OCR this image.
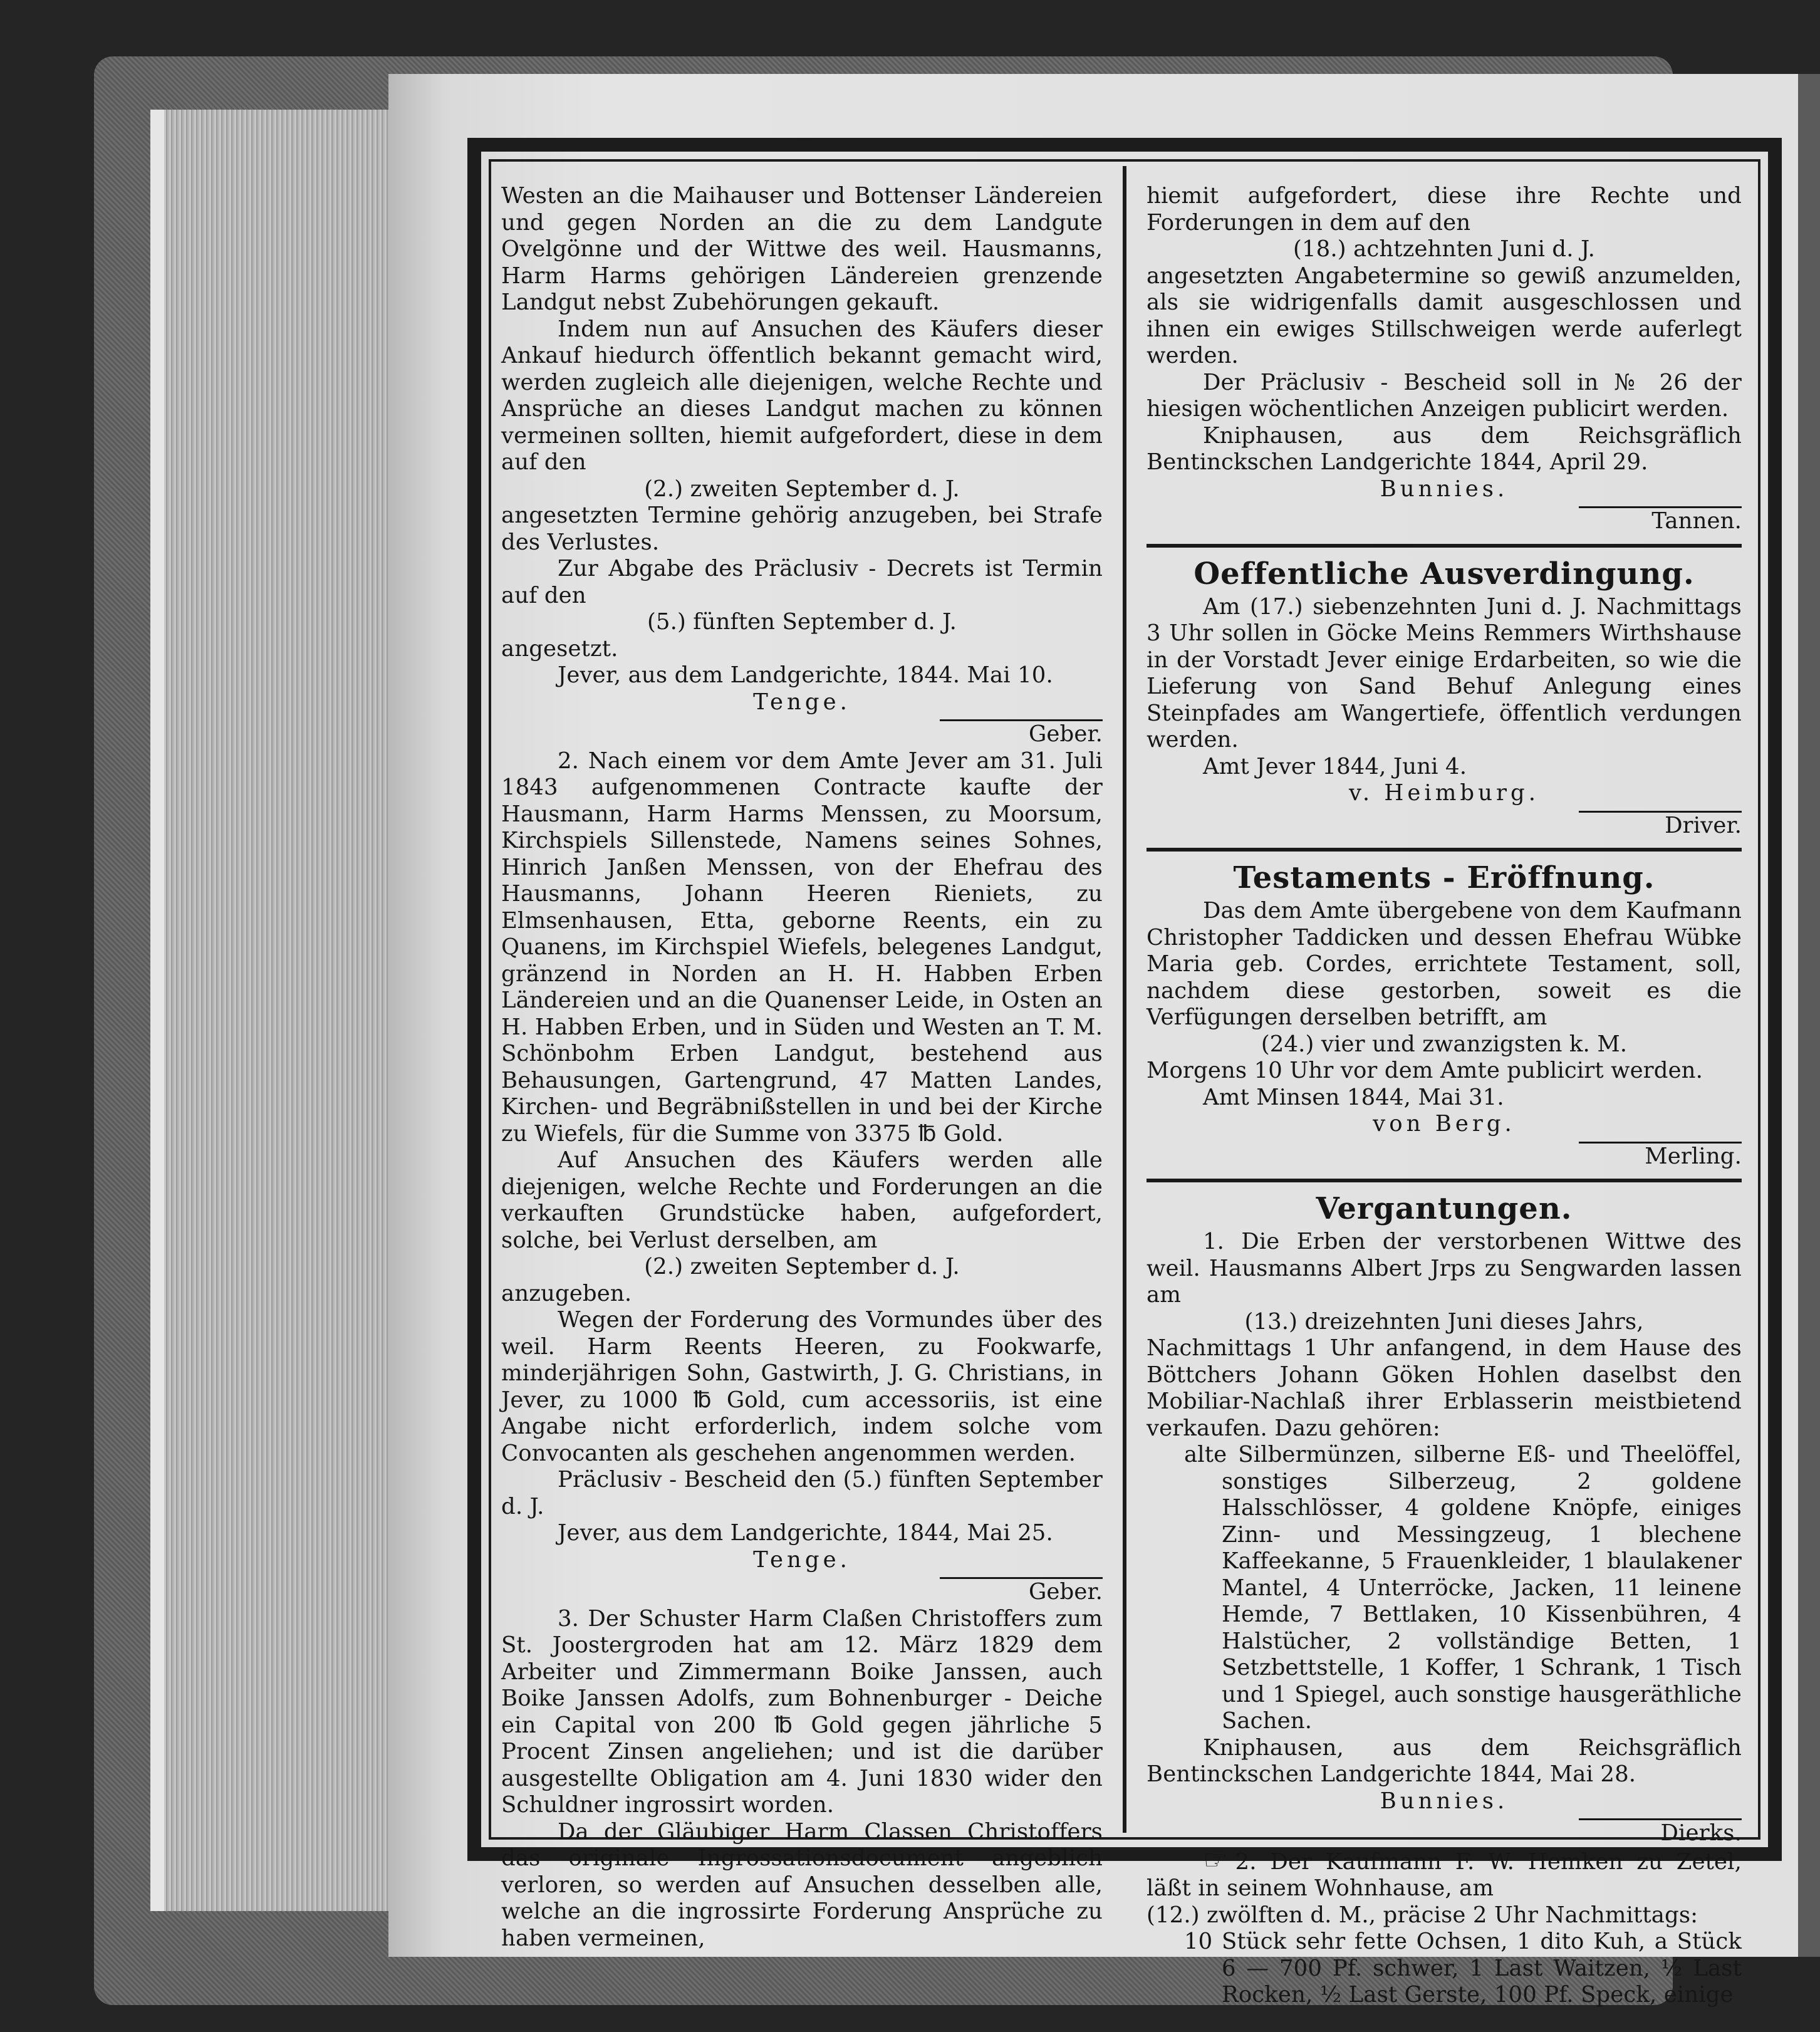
Westen an die Maihauser und Bottenser Ländereien und gegen Norden an die zu dem Landgute Ovelgönne und der Wittwe des weil. Hausmanns, Harm Harms gehörigen Ländereien grenzende Landgut nebst Zubehörungen gekauft.

Indem nun auf Ansuchen des Käufers dieser Ankauf hiedurch öffentlich bekannt gemacht wird, werden zugleich alle diejenigen, welche Rechte und Ansprüche an dieses Landgut machen zu können vermeinen sollten, hiemit aufgefordert, diese in dem auf den

(2.) zweiten September d. J.

angesetzten Termine gehörig anzugeben, bei Strafe des Verlustes.

Zur Abgabe des Präclusiv - Decrets ist Termin auf den

(5.) fünften September d. J.

angesetzt.

Jever, aus dem Landgerichte, 1844. Mai 10.

Tenge.

Geber.

2. Nach einem vor dem Amte Jever am 31. Juli 1843 aufgenommenen Contracte kaufte der Hausmann, Harm Harms Menssen, zu Moorsum, Kirchspiels Sillenstede, Namens seines Sohnes, Hinrich Janßen Menssen, von der Ehefrau des Hausmanns, Johann Heeren Rieniets, zu Elmsenhausen, Etta, geborne Reents, ein zu Quanens, im Kirchspiel Wiefels, belegenes Landgut, gränzend in Norden an H. H. Habben Erben Ländereien und an die Quanenser Leide, in Osten an H. Habben Erben, und in Süden und Westen an T. M. Schönbohm Erben Landgut, bestehend aus Behausungen, Gartengrund, 47 Matten Landes, Kirchen- und Begräbnißstellen in und bei der Kirche zu Wiefels, für die Summe von 3375 ℔ Gold.

Auf Ansuchen des Käufers werden alle diejenigen, welche Rechte und Forderungen an die verkauften Grundstücke haben, aufgefordert, solche, bei Verlust derselben, am

(2.) zweiten September d. J.

anzugeben.

Wegen der Forderung des Vormundes über des weil. Harm Reents Heeren, zu Fookwarfe, minderjährigen Sohn, Gastwirth, J. G. Christians, in Jever, zu 1000 ℔ Gold, cum accessoriis, ist eine Angabe nicht erforderlich, indem solche vom Convocanten als geschehen angenommen werden.

Präclusiv - Bescheid den (5.) fünften September d. J.

Jever, aus dem Landgerichte, 1844, Mai 25.

Tenge.

Geber.

3. Der Schuster Harm Claßen Christoffers zum St. Joostergroden hat am 12. März 1829 dem Arbeiter und Zimmermann Boike Janssen, auch Boike Janssen Adolfs, zum Bohnenburger - Deiche ein Capital von 200 ℔ Gold gegen jährliche 5 Procent Zinsen angeliehen; und ist die darüber ausgestellte Obligation am 4. Juni 1830 wider den Schuldner ingrossirt worden.

Da der Gläubiger Harm Classen Christoffers das originale Ingrossationsdocument angeblich verloren, so werden auf Ansuchen desselben alle, welche an die ingrossirte Forderung Ansprüche zu haben vermeinen,

hiemit aufgefordert, diese ihre Rechte und Forderungen in dem auf den

(18.) achtzehnten Juni d. J.

angesetzten Angabetermine so gewiß anzumelden, als sie widrigenfalls damit ausgeschlossen und ihnen ein ewiges Stillschweigen werde auferlegt werden.

Der Präclusiv - Bescheid soll in № 26 der hiesigen wöchentlichen Anzeigen publicirt werden.

Kniphausen, aus dem Reichsgräflich Bentinckschen Landgerichte 1844, April 29.

Bunnies.

Tannen.

Oeffentliche Ausverdingung.

Am (17.) siebenzehnten Juni d. J. Nachmittags 3 Uhr sollen in Göcke Meins Remmers Wirthshause in der Vorstadt Jever einige Erdarbeiten, so wie die Lieferung von Sand Behuf Anlegung eines Steinpfades am Wangertiefe, öffentlich verdungen werden.

Amt Jever 1844, Juni 4.

v. Heimburg.

Driver.

Testaments - Eröffnung.

Das dem Amte übergebene von dem Kaufmann Christopher Taddicken und dessen Ehefrau Wübke Maria geb. Cordes, errichtete Testament, soll, nachdem diese gestorben, soweit es die Verfügungen derselben betrifft, am

(24.) vier und zwanzigsten k. M.

Morgens 10 Uhr vor dem Amte publicirt werden.

Amt Minsen 1844, Mai 31.

von Berg.

Merling.

Vergantungen.

1. Die Erben der verstorbenen Wittwe des weil. Hausmanns Albert Jrps zu Sengwarden lassen am

(13.) dreizehnten Juni dieses Jahrs,

Nachmittags 1 Uhr anfangend, in dem Hause des Böttchers Johann Göken Hohlen daselbst den Mobiliar-Nachlaß ihrer Erblasserin meistbietend verkaufen. Dazu gehören:

alte Silbermünzen, silberne Eß- und Theelöffel, sonstiges Silberzeug, 2 goldene Halsschlösser, 4 goldene Knöpfe, einiges Zinn- und Messingzeug, 1 blechene Kaffeekanne, 5 Frauenkleider, 1 blaulakener Mantel, 4 Unterröcke, Jacken, 11 leinene Hemde, 7 Bettlaken, 10 Kissenbühren, 4 Halstücher, 2 vollständige Betten, 1 Setzbettstelle, 1 Koffer, 1 Schrank, 1 Tisch und 1 Spiegel, auch sonstige hausgeräthliche Sachen.

Kniphausen, aus dem Reichsgräflich Bentinckschen Landgerichte 1844, Mai 28.

Bunnies.

Dierks.

☞ 2. Der Kaufmann F. W. Hemken zu Zetel, läßt in seinem Wohnhause, am

(12.) zwölften d. M., präcise 2 Uhr Nachmittags:

10 Stück sehr fette Ochsen, 1 dito Kuh, a Stück 6 — 700 Pf. schwer, 1 Last Waitzen, ½ Last Rocken, ½ Last Gerste, 100 Pf. Speck, einige
